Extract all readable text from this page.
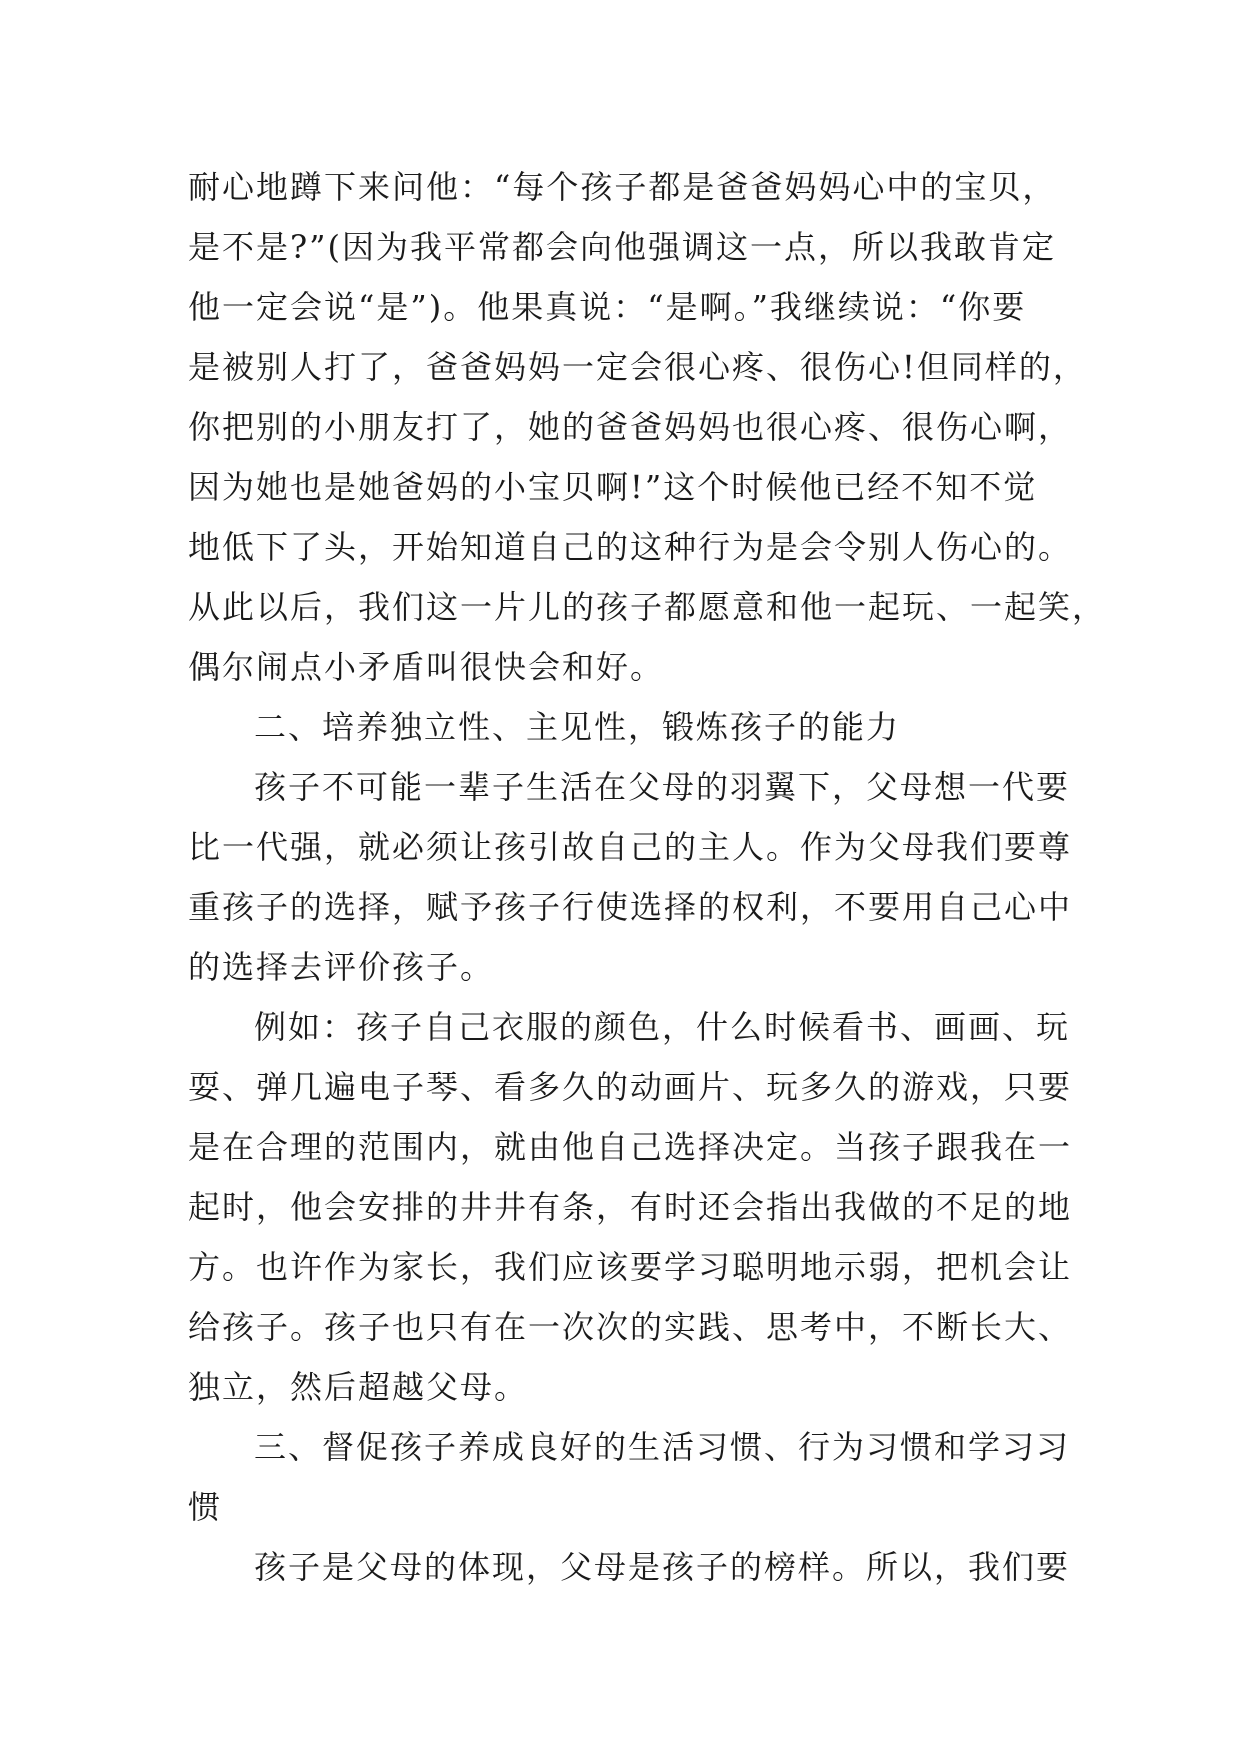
耐心地蹲下来问他：“每个孩子都是爸爸妈妈心中的宝贝，
是不是?”(因为我平常都会向他强调这一点，所以我敢肯定
他一定会说“是”)。他果真说：“是啊。”我继续说：“你要
是被别人打了，爸爸妈妈一定会很心疼、很伤心!但同样的，
你把别的小朋友打了，她的爸爸妈妈也很心疼、很伤心啊，
因为她也是她爸妈的小宝贝啊!”这个时候他已经不知不觉
地低下了头，开始知道自己的这种行为是会令别人伤心的。
从此以后，我们这一片儿的孩子都愿意和他一起玩、一起笑，
偶尔闹点小矛盾叫很快会和好。
二、培养独立性、主见性，锻炼孩子的能力
孩子不可能一辈子生活在父母的羽翼下，父母想一代要
比一代强，就必须让孩引故自己的主人。作为父母我们要尊
重孩子的选择，赋予孩子行使选择的权利，不要用自己心中
的选择去评价孩子。
例如：孩子自己衣服的颜色，什么时候看书、画画、玩
耍、弹几遍电子琴、看多久的动画片、玩多久的游戏，只要
是在合理的范围内，就由他自己选择决定。当孩子跟我在一
起时，他会安排的井井有条，有时还会指出我做的不足的地
方。也许作为家长，我们应该要学习聪明地示弱，把机会让
给孩子。孩子也只有在一次次的实践、思考中，不断长大、
独立，然后超越父母。
三、督促孩子养成良好的生活习惯、行为习惯和学习习
惯
孩子是父母的体现，父母是孩子的榜样。所以，我们要
